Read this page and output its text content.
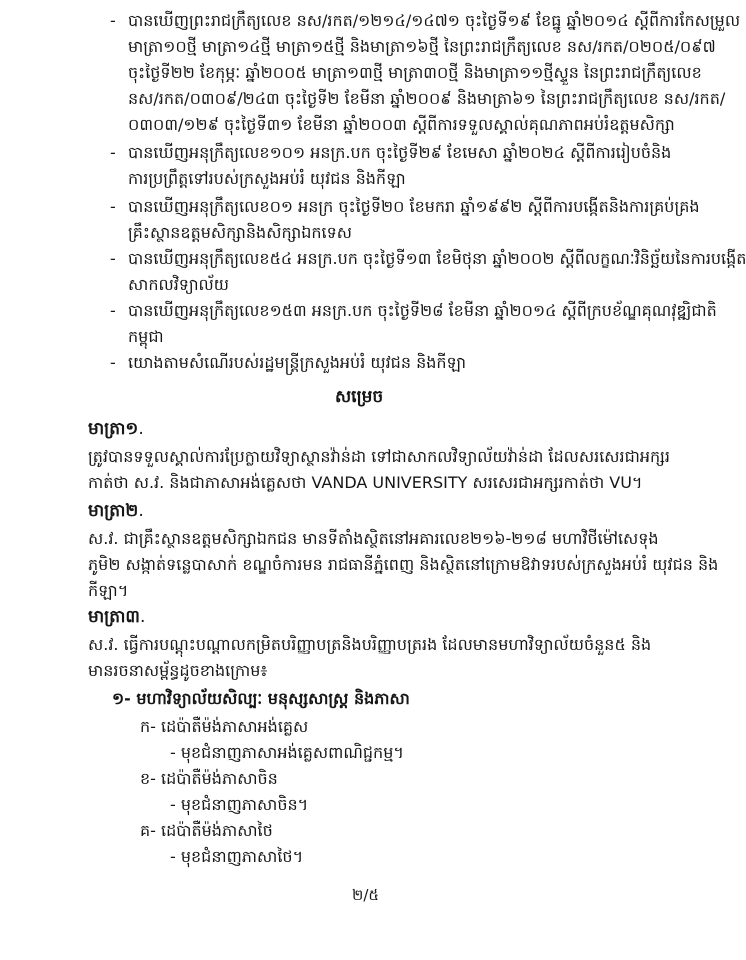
- បានឃើញព្រះរាជក្រឹត្យលេខ នស/រកត/១២១៤/១៤៧១ ចុះថ្ងៃទី១៩ ខែធ្នូ ឆ្នាំ២០១៤ ស្ដីពីការកែសម្រួល
មាត្រា១០ថ្មី មាត្រា១៤ថ្មី មាត្រា១៥ថ្មី និងមាត្រា១៦ថ្មី នៃព្រះរាជក្រឹត្យលេខ នស/រកត/០២០៥/០៩៧
ចុះថ្ងៃទី២២ ខែកុម្ភៈ ឆ្នាំ២០០៥ មាត្រា១៣ថ្មី មាត្រា៣០ថ្មី និងមាត្រា១១ថ្មីស្ទួន នៃព្រះរាជក្រឹត្យលេខ
នស/រកត/០៣០៩/២៤៣ ចុះថ្ងៃទី២ ខែមីនា ឆ្នាំ២០០៩ និងមាត្រា៦១ នៃព្រះរាជក្រឹត្យលេខ នស/រកត/
០៣០៣/១២៩ ចុះថ្ងៃទី៣១ ខែមីនា ឆ្នាំ២០០៣ ស្ដីពីការទទួលស្គាល់គុណភាពអប់រំឧត្ដមសិក្សា
- បានឃើញអនុក្រឹត្យលេខ១០១ អនក្រ.បក ចុះថ្ងៃទី២៩ ខែមេសា ឆ្នាំ២០២៤ ស្ដីពីការរៀបចំនិង
ការប្រព្រឹត្តទៅរបស់ក្រសួងអប់រំ យុវជន និងកីឡា
- បានឃើញអនុក្រឹត្យលេខ០១ អនក្រ ចុះថ្ងៃទី២០ ខែមករា ឆ្នាំ១៩៩២ ស្ដីពីការបង្កើតនិងការគ្រប់គ្រង
គ្រឹះស្ថានឧត្ដមសិក្សានិងសិក្សាឯកទេស
- បានឃើញអនុក្រឹត្យលេខ៥៤ អនក្រ.បក ចុះថ្ងៃទី១៣ ខែមិថុនា ឆ្នាំ២០០២ ស្ដីពីលក្ខណៈវិនិច្ឆ័យនៃការបង្កើត
សាកលវិទ្យាល័យ
- បានឃើញអនុក្រឹត្យលេខ១៥៣ អនក្រ.បក ចុះថ្ងៃទី២៨ ខែមីនា ឆ្នាំ២០១៤ ស្ដីពីក្របខ័ណ្ឌគុណវុឌ្ឍិជាតិ
កម្ពុជា
- យោងតាមសំណើរបស់រដ្ឋមន្ត្រីក្រសួងអប់រំ យុវជន និងកីឡា
សម្រេច
មាត្រា១.
ត្រូវបានទទួលស្គាល់ការប្រែក្លាយវិទ្យាស្ថានវ៉ាន់ដា ទៅជាសាកលវិទ្យាល័យវ៉ាន់ដា ដែលសរសេរជាអក្សរ
កាត់ថា ស.វ. និងជាភាសាអង់គ្លេសថា VANDA UNIVERSITY សរសេរជាអក្សរកាត់ថា VU។
មាត្រា២.
ស.វ. ជាគ្រឹះស្ថានឧត្ដមសិក្សាឯកជន មានទីតាំងស្ថិតនៅអគារលេខ២១៦-២១៨ មហាវិថីម៉ៅសេទុង
ភូមិ២ សង្កាត់ទន្លេបាសាក់ ខណ្ឌចំការមន រាជធានីភ្នំពេញ និងស្ថិតនៅក្រោមឱវាទរបស់ក្រសួងអប់រំ យុវជន និង
កីឡា។
មាត្រា៣.
ស.វ. ធ្វើការបណ្ដុះបណ្ដាលកម្រិតបរិញ្ញាបត្រនិងបរិញ្ញាបត្ររង ដែលមានមហាវិទ្យាល័យចំនួន៥ និង
មានរចនាសម្ព័ន្ធដូចខាងក្រោម៖
១- មហាវិទ្យាល័យសិល្បៈ មនុស្សសាស្ត្រ និងភាសា
ក- ដេប៉ាតឺម៉ង់ភាសាអង់គ្លេស
- មុខជំនាញភាសាអង់គ្លេសពាណិជ្ជកម្ម។
ខ- ដេប៉ាតឺម៉ង់ភាសាចិន
- មុខជំនាញភាសាចិន។
គ- ដេប៉ាតឺម៉ង់ភាសាថៃ
- មុខជំនាញភាសាថៃ។
២/៥
